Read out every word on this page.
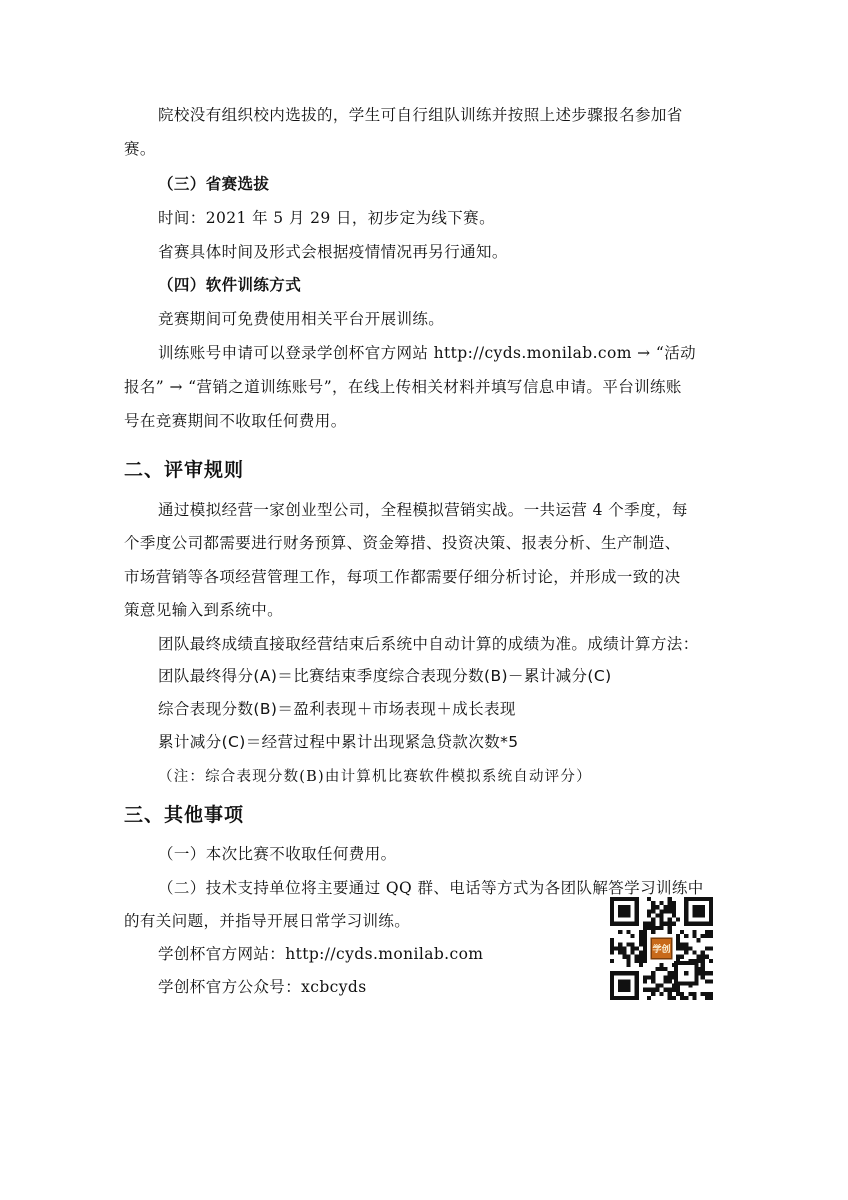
院校没有组织校内选拔的，学生可自行组队训练并按照上述步骤报名参加省
赛。
（三）省赛选拔
时间：2021 年 5 月 29 日，初步定为线下赛。
省赛具体时间及形式会根据疫情情况再另行通知。
（四）软件训练方式
竞赛期间可免费使用相关平台开展训练。
训练账号申请可以登录学创杯官方网站 http://cyds.monilab.com → “活动
报名” → “营销之道训练账号”，在线上传相关材料并填写信息申请。平台训练账
号在竞赛期间不收取任何费用。
二、评审规则
通过模拟经营一家创业型公司，全程模拟营销实战。一共运营 4 个季度，每
个季度公司都需要进行财务预算、资金筹措、投资决策、报表分析、生产制造、
市场营销等各项经营管理工作，每项工作都需要仔细分析讨论，并形成一致的决
策意见输入到系统中。
团队最终成绩直接取经营结束后系统中自动计算的成绩为准。成绩计算方法：
团队最终得分(A)＝比赛结束季度综合表现分数(B)－累计减分(C)
综合表现分数(B)＝盈利表现＋市场表现＋成长表现
累计减分(C)＝经营过程中累计出现紧急贷款次数*5
（注：综合表现分数(B)由计算机比赛软件模拟系统自动评分）
三、其他事项
（一）本次比赛不收取任何费用。
（二）技术支持单位将主要通过 QQ 群、电话等方式为各团队解答学习训练中
的有关问题，并指导开展日常学习训练。
学创杯官方网站：http://cyds.monilab.com
学创杯官方公众号：xcbcyds
学创
